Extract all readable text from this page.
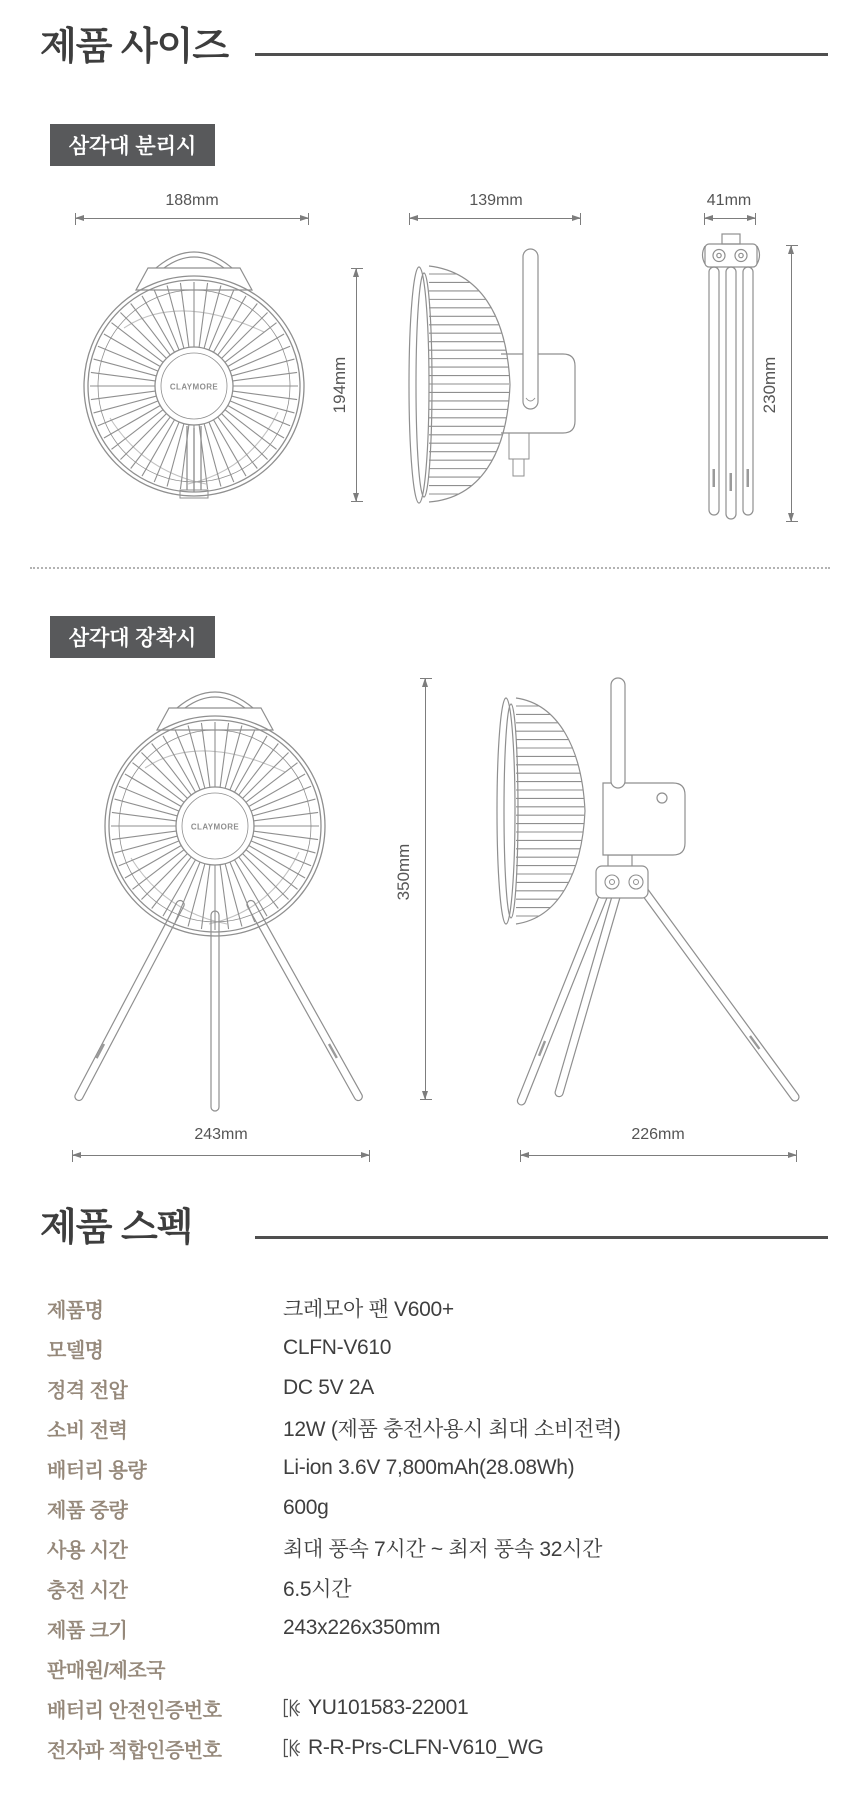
제품 사이즈
삼각대 분리시
188mm	139mm	41mm
194mm	230mm
CLAYMORE
삼각대 장착시
CLAYMORE
350mm
243mm	226mm
제품 스펙
제품명	크레모아 팬 V600+
모델명	CLFN-V610
정격 전압	DC 5V 2A
소비 전력	12W (제품 충전사용시 최대 소비전력)
배터리 용량	Li-ion 3.6V 7,800mAh(28.08Wh)
제품 중량	600g
사용 시간	최대 풍속 7시간 ~ 최저 풍속 32시간
충전 시간	6.5시간
제품 크기	243x226x350mm
판매원/제조국
배터리 안전인증번호	YU101583-22001
전자파 적합인증번호	R-R-Prs-CLFN-V610_WG
